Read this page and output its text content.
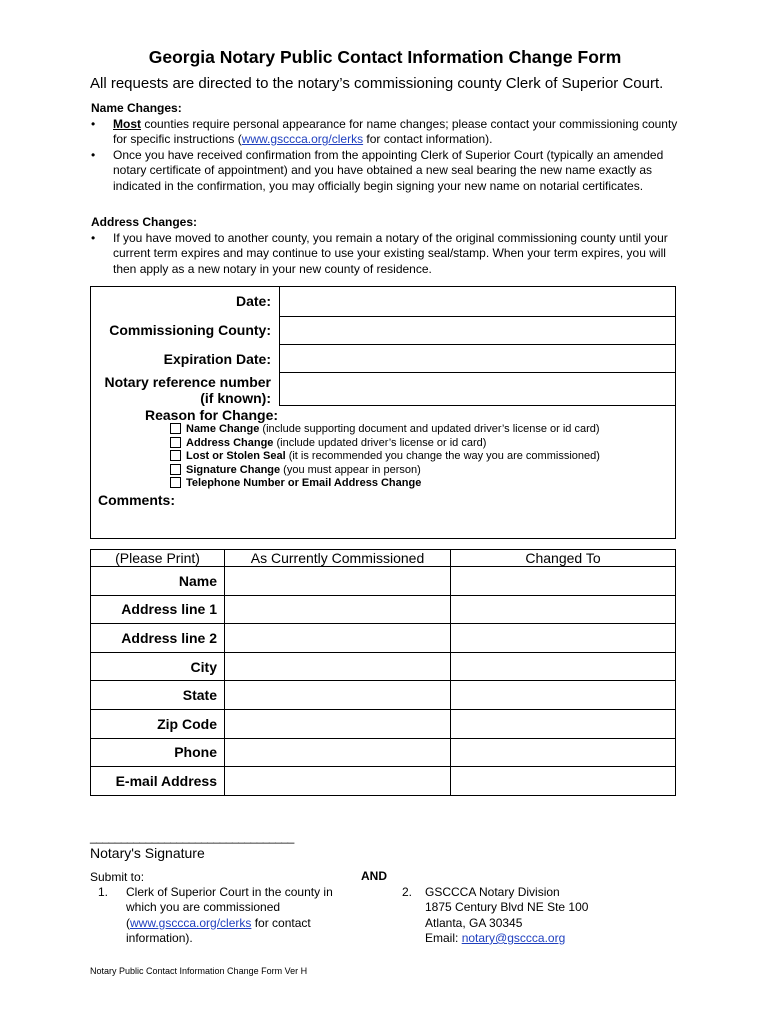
Georgia Notary Public Contact Information Change Form
All requests are directed to the notary’s commissioning county Clerk of Superior Court.
Name Changes:
• Most counties require personal appearance for name changes; please contact your commissioning county for specific instructions (www.gsccca.org/clerks for contact information).
• Once you have received confirmation from the appointing Clerk of Superior Court (typically an amended notary certificate of appointment) and you have obtained a new seal bearing the new name exactly as indicated in the confirmation, you may officially begin signing your new name on notarial certificates.
Address Changes:
• If you have moved to another county, you remain a notary of the original commissioning county until your current term expires and may continue to use your existing seal/stamp. When your term expires, you will then apply as a new notary in your new county of residence.
Date:
Commissioning County:
Expiration Date:
Notary reference number
(if known):
Reason for Change:
Name Change (include supporting document and updated driver’s license or id card)
Address Change (include updated driver’s license or id card)
Lost or Stolen Seal (it is recommended you change the way you are commissioned)
Signature Change (you must appear in person)
Telephone Number or Email Address Change
Comments:
(Please Print)	As Currently Commissioned	Changed To
Name		
Address line 1		
Address line 2		
City		
State		
Zip Code		
Phone		
E-mail Address		
_________________________________
Notary's Signature
Submit to:
1.	Clerk of Superior Court in the county in which you are commissioned (www.gsccca.org/clerks for contact information).
AND
2. GSCCCA Notary Division
1875 Century Blvd NE Ste 100
Atlanta, GA 30345
Email: notary@gsccca.org
Notary Public Contact Information Change Form Ver H
